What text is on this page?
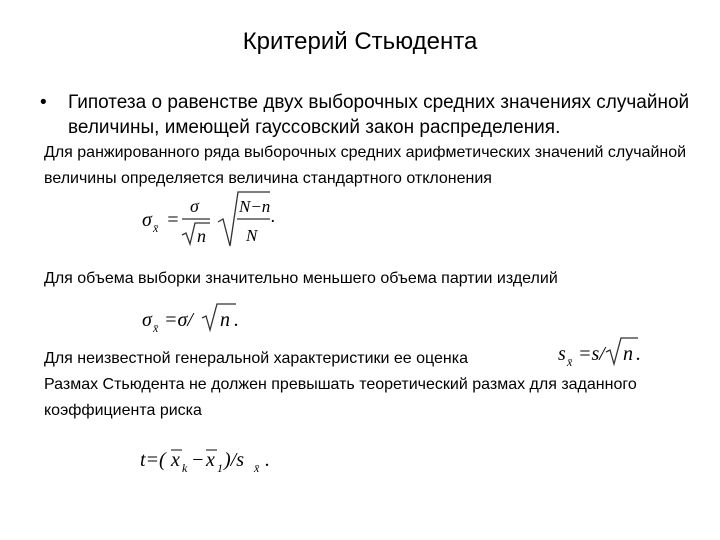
Критерий Стьюдента
• Гипотеза о равенстве двух выборочных средних значениях случайной величины, имеющей гауссовский закон распределения.
Для ранжированного ряда выборочных средних арифметических значений случайной величины определяется величина стандартного отклонения
σ x̄ =
σ
n
N−n
N
.
Для объема выборки значительно меньшего объема партии изделий
σ x̄ =σ/ n .
Для неизвестной генеральной характеристики ее оценка	s x̄ =s/ n .
Размах Стьюдента не должен превышать теоретический размах для заданного коэффициента риска
t=( x k − x 1 )/s x̄ .
